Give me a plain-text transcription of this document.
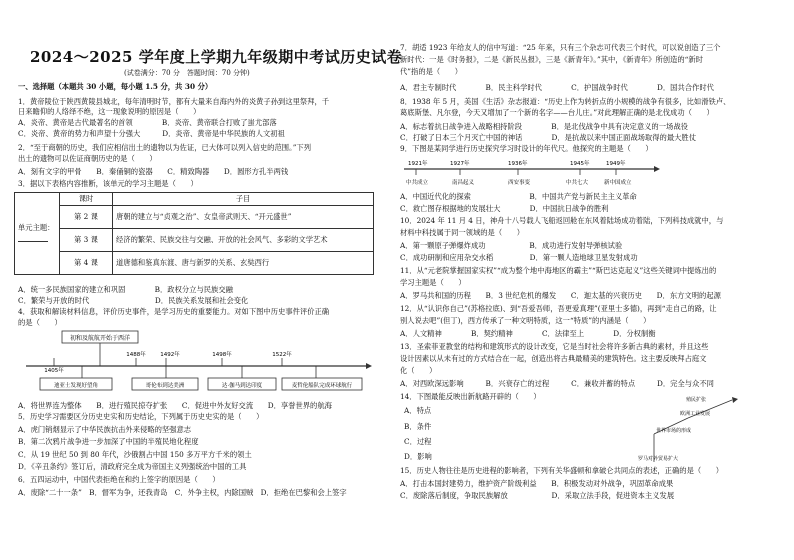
2024～2025 学年度上学期九年级期中考试历史试卷
(试卷满分：70 分　答题时间：70 分钟)
一、选择题（本题共 30 小题，每小题 1.5 分，共 30 分）
1．黄帝陵位于陕西黄陵县城北，每年清明时节，都有大量来自海内外的炎黄子孙到这里祭拜，千
日来瞻仰的人络绎不绝，这一现象说明的原因是（　　）
A．炎帝、黄帝是古代最著名的首领　　　　B．炎帝、黄帝联合打败了蚩尤部落
C．炎帝、黄帝的势力和声望十分强大　　　D．炎帝、黄帝是中华民族的人文初祖
2．“至于商朝的历史，我们应相信出土的遗物以为佐证，已大体可以列入信史的范围。”下列
出土的遗物可以佐证商朝历史的是（　　）
A．刻有文字的甲骨　　B．秦俑铜的瓷器　　C．精致陶器　　D．圆形方孔半两钱
3．据以下表格内容推断，该单元的学习主题是（　　）
单元主题：	课时	子目
	第 2 课	唐朝的建立与“贞观之治”、女皇帝武则天、“开元盛世”
	第 3 课	经济的繁荣、民族交往与交融、开放的社会风气、多彩的文学艺术
	第 4 课	道唐德和鉴真东渡、唐与新罗的关系、玄奘西行
A．统一多民族国家的建立和巩固　　　　B．政权分立与民族交融
C．繁荣与开放的时代　　　　　　　　　D．民族关系发展和社会变化
4．获取和解读材料信息，评价历史事件，是学习历史的重要能力。对如下图中历史事件评价正确
的是（　　）
初和及航航开始于西洋
1405年
1488年	1492年	1498年	1522年
迪亚士发现好望角	哥伦布到达美洲	达·伽马到达印度	麦哲伦船队完成环球航行
A．将世界连为整体　　B．进行殖民掠夺扩张　　C．促进中外友好交流　　D．享誉世界的航海
5．历史学习需要区分历史史实和历史结论，下列属于历史史实的是（　　）
A．虎门销烟显示了中华民族抗击外来侵略的坚强意志
B．第二次鸦片战争进一步加深了中国的半殖民地化程度
C．从 19 世纪 50 到 80 年代，沙俄割占中国 150 多万平方千米的领土
D．《辛丑条约》签订后，清政府完全成为帝国主义列强统治中国的工具
6．五四运动中，中国代表拒绝在和约上签字的原因是（　　）
A．废除“二十一条”　B．督军为争，还我青岛　C．外争主权，内除国贼　D．拒绝在巴黎和会上签字
7．胡适 1923 年给友人的信中写道：“25 年来，只有三个杂志可代表三个时代，可以说创造了三个
新时代：一是《时务报》，二是《新民丛报》，三是《新青年》。”其中，《新青年》所创造的“新时
代”指的是（　　）
A．君主专制时代　　　　B．民主科学时代　　　　C．护国战争时代　　　　D．国共合作时代
8．1938 年 5 月，美国《生活》杂志报道：“历史上作为转折点的小规模的战争有很多，比如滑铁卢、
葛底斯堡、凡尔登，今天又增加了一个新的名字——台儿庄。”对此理解正确的是北伐成功（　　）
A．标志着抗日战争进入战略相持阶段　　　　B．是北伐战争中具有决定意义的一场战役
C．打破了日本三个月灭亡中国的神话　　　　D．是抗战以来中国正面战场取得的最大胜仗
9．下图是某同学进行历史探究学习时设计的年代尺。他探究的主题是（　　）
1921年	1927年	1936年	1945年	1949年
中共成立	南昌起义	西安事变	中共七大	新中国成立
A．中国近代化的探索　　　　　　　　B．中国共产党与新民主主义革命
C．救亡图存根据地的发展壮大　　　　D．中国抗日战争的胜利
10．2024 年 11 月 4 日，神舟十八号载人飞船返回舱在东风着陆场成功着陆，下列科技成就中，与
材料中科技属于同一领域的是（　　）
A．第一颗原子弹爆炸成功　　　　　　B．成功进行发射导弹核试验
C．成功研制和应用杂交水稻　　　　　D．第一颗人造地球卫星发射成功
11．从“元老院掌握国家实权”“成为整个地中海地区的霸主”“斯巴达克起义”这些关键词中提炼出的
学习主题是（　　）
A．罗马共和国的历程　　B．3 世纪危机的爆发　　C．迦太基的兴衰历史　　D．东方文明的起源
12．从“认识你自己”(苏格拉底)、到“吾爱吾师，吾更爱真理”(亚里士多德)，再到“走自己的路，让
别人说去吧”(但丁)，西方传承了一种文明特质，这一“特质”的内涵是（　　）
A．人文精神　　　　B．契约精神　　　　C．法律至上　　　　D．分权制衡
13．圣索菲亚教堂的结构和建筑形式的设计改变，它是当时社会将许多新古典的素材，并且这些
设计因素以从未有过的方式结合在一起，创造出将古典最精美的建筑特色。这主要反映拜占庭文
化（　　）
A．对西欧深远影响　　　B．兴衰存亡的过程　　　C．兼收并蓄的特点　　　D．完全与众不同
14．下图最能反映出新航路开辟的（　　）
A．特点
B．条件
C．过程
D．影响
殖民扩张
欧洲工业发展
世界市场的形成
罗马对外贸易扩大
15．历史人物往往是历史进程的影响者，下列有关华盛顿和拿破仑共同点的表述，正确的是（　　）
A．打击本国封建势力，维护资产阶级利益　　B．积极发动对外战争，巩固革命成果
C．废除落后制度，争取民族解放　　　　　　D．采取立法手段，促进资本主义发展
